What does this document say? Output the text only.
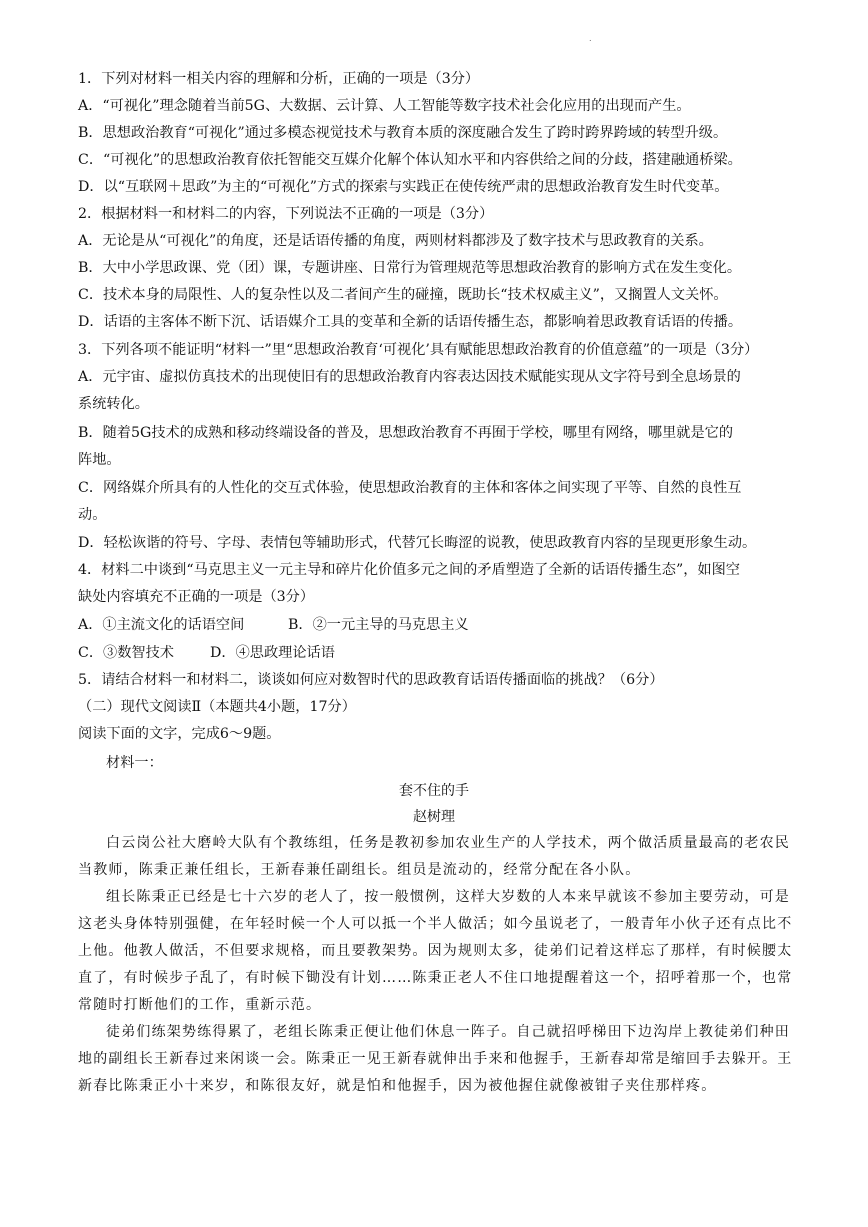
.
1．下列对材料一相关内容的理解和分析，正确的一项是（3分）
A．“可视化”理念随着当前5G、大数据、云计算、人工智能等数字技术社会化应用的出现而产生。
B．思想政治教育“可视化”通过多模态视觉技术与教育本质的深度融合发生了跨时跨界跨域的转型升级。
C．“可视化”的思想政治教育依托智能交互媒介化解个体认知水平和内容供给之间的分歧，搭建融通桥梁。
D．以“互联网＋思政”为主的“可视化”方式的探索与实践正在使传统严肃的思想政治教育发生时代变革。
2．根据材料一和材料二的内容，下列说法不正确的一项是（3分）
A．无论是从“可视化”的角度，还是话语传播的角度，两则材料都涉及了数字技术与思政教育的关系。
B．大中小学思政课、党（团）课，专题讲座、日常行为管理规范等思想政治教育的影响方式在发生变化。
C．技术本身的局限性、人的复杂性以及二者间产生的碰撞，既助长“技术权威主义”，又搁置人文关怀。
D．话语的主客体不断下沉、话语媒介工具的变革和全新的话语传播生态，都影响着思政教育话语的传播。
3．下列各项不能证明“材料一”里“思想政治教育‘可视化’具有赋能思想政治教育的价值意蕴”的一项是（3分）
A．元宇宙、虚拟仿真技术的出现使旧有的思想政治教育内容表达因技术赋能实现从文字符号到全息场景的
系统转化。
B．随着5G技术的成熟和移动终端设备的普及，思想政治教育不再囿于学校，哪里有网络，哪里就是它的
阵地。
C．网络媒介所具有的人性化的交互式体验，使思想政治教育的主体和客体之间实现了平等、自然的良性互
动。
D．轻松诙谐的符号、字母、表情包等辅助形式，代替冗长晦涩的说教，使思政教育内容的呈现更形象生动。
4．材料二中谈到“马克思主义一元主导和碎片化价值多元之间的矛盾塑造了全新的话语传播生态”，如图空
缺处内容填充不正确的一项是（3分）
A．①主流文化的话语空间	B．②一元主导的马克思主义
C．③数智技术	D．④思政理论话语
5．请结合材料一和材料二，谈谈如何应对数智时代的思政教育话语传播面临的挑战？（6分）
（二）现代文阅读Ⅱ（本题共4小题，17分）
阅读下面的文字，完成6～9题。
材料一：
套不住的手
赵树理

白云岗公社大磨岭大队有个教练组，任务是教初参加农业生产的人学技术，两个做活质量最高的老农民当教师，陈秉正兼任组长，王新春兼任副组长。组员是流动的，经常分配在各小队。

组长陈秉正已经是七十六岁的老人了，按一般惯例，这样大岁数的人本来早就该不参加主要劳动，可是这老头身体特别强健，在年轻时候一个人可以抵一个半人做活；如今虽说老了，一般青年小伙子还有点比不上他。他教人做活，不但要求规格，而且要教架势。因为规则太多，徒弟们记着这样忘了那样，有时候腰太直了，有时候步子乱了，有时候下锄没有计划……陈秉正老人不住口地提醒着这一个，招呼着那一个，也常常随时打断他们的工作，重新示范。

徒弟们练架势练得累了，老组长陈秉正便让他们休息一阵子。自己就招呼梯田下边沟岸上教徒弟们种田地的副组长王新春过来闲谈一会。陈秉正一见王新春就伸出手来和他握手，王新春却常是缩回手去躲开。王新春比陈秉正小十来岁，和陈很友好，就是怕和他握手，因为被他握住就像被钳子夹住那样疼。
